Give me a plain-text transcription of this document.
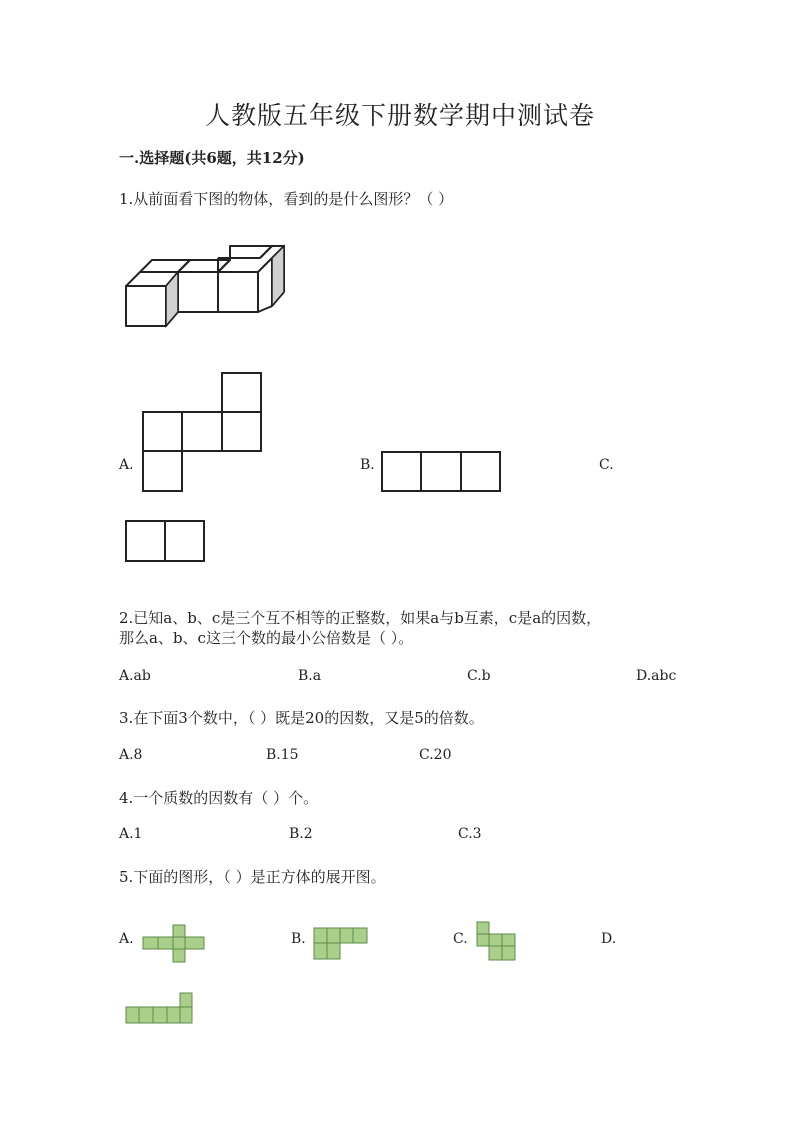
人教版五年级下册数学期中测试卷
一.选择题(共6题，共12分)
1.从前面看下图的物体，看到的是什么图形？（ ）
A.	B.	C.
2.已知a、b、c是三个互不相等的正整数，如果a与b互素，c是a的因数，
那么a、b、c这三个数的最小公倍数是（ ）。
A.ab	B.a	C.b	D.abc
3.在下面3个数中，（ ）既是20的因数，又是5的倍数。
A.8	B.15	C.20
4.一个质数的因数有（ ）个。
A.1	B.2	C.3
5.下面的图形，（ ）是正方体的展开图。
A.	B.	C.	D.
